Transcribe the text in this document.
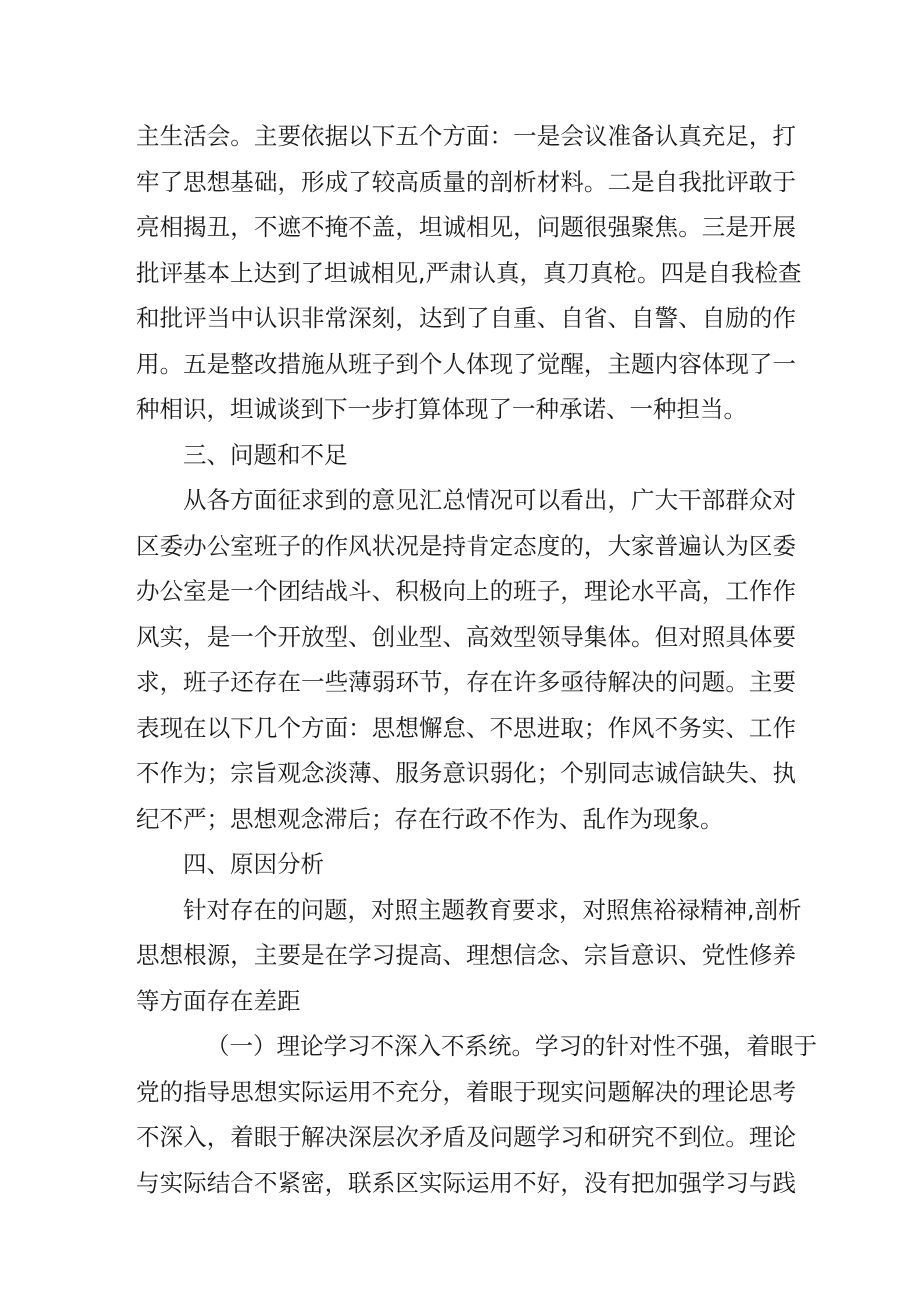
主生活会。主要依据以下五个方面：一是会议准备认真充足，打
牢了思想基础，形成了较高质量的剖析材料。二是自我批评敢于
亮相揭丑，不遮不掩不盖，坦诚相见，问题很强聚焦。三是开展
批评基本上达到了坦诚相见,严肃认真，真刀真枪。四是自我检查
和批评当中认识非常深刻，达到了自重、自省、自警、自励的作
用。五是整改措施从班子到个人体现了觉醒，主题内容体现了一
种相识，坦诚谈到下一步打算体现了一种承诺、一种担当。
三、问题和不足
从各方面征求到的意见汇总情况可以看出，广大干部群众对
区委办公室班子的作风状况是持肯定态度的，大家普遍认为区委
办公室是一个团结战斗、积极向上的班子，理论水平高，工作作
风实，是一个开放型、创业型、高效型领导集体。但对照具体要
求，班子还存在一些薄弱环节，存在许多亟待解决的问题。主要
表现在以下几个方面：思想懈怠、不思进取；作风不务实、工作
不作为；宗旨观念淡薄、服务意识弱化；个别同志诚信缺失、执
纪不严；思想观念滞后；存在行政不作为、乱作为现象。
四、原因分析
针对存在的问题，对照主题教育要求，对照焦裕禄精神,剖析
思想根源，主要是在学习提高、理想信念、宗旨意识、党性修养
等方面存在差距
（一）理论学习不深入不系统。学习的针对性不强，着眼于
党的指导思想实际运用不充分，着眼于现实问题解决的理论思考
不深入，着眼于解决深层次矛盾及问题学习和研究不到位。理论
与实际结合不紧密，联系区实际运用不好，没有把加强学习与践
